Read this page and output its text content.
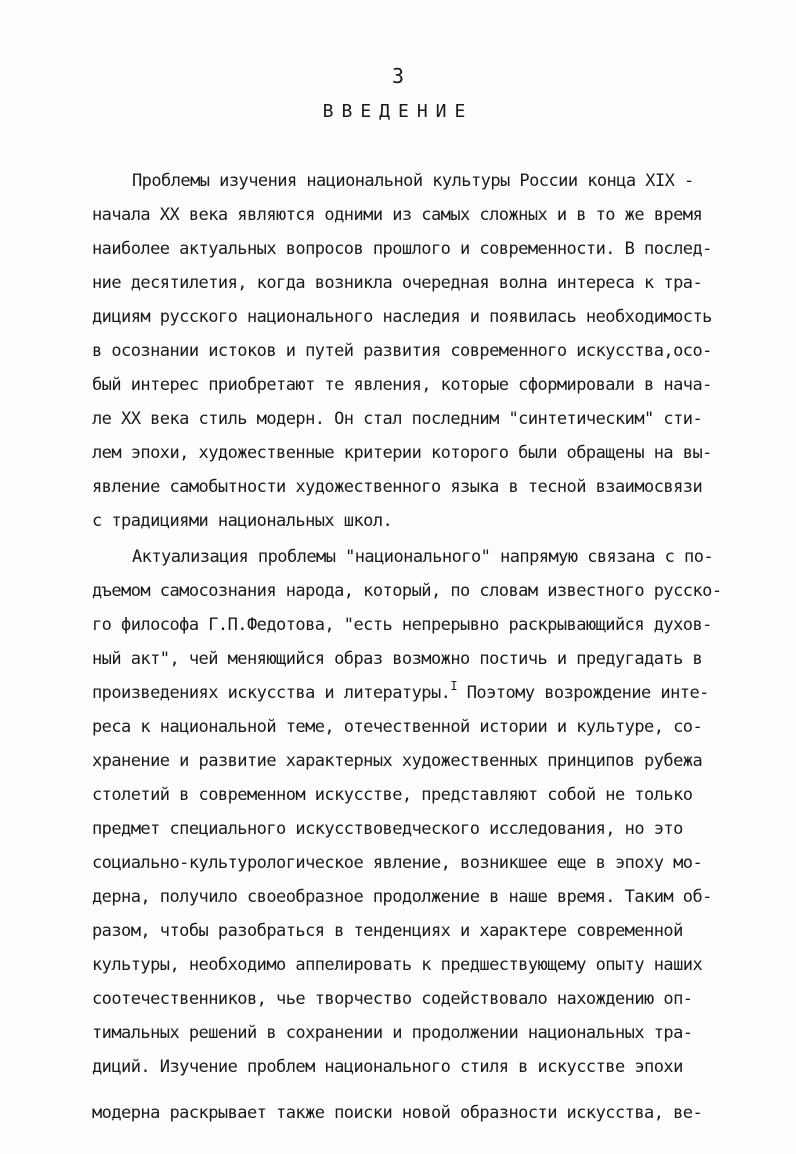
3
ВВЕДЕНИЕ
Проблемы изучения национальной культуры России конца XIX -
начала XX века являются одними из самых сложных и в то же время
наиболее актуальных вопросов прошлого и современности. В послед-
ние десятилетия, когда возникла очередная волна интереса к тра-
дициям русского национального наследия и появилась необходимость
в осознании истоков и путей развития современного искусства,осо-
бый интерес приобретают те явления, которые сформировали в нача-
ле XX века стиль модерн. Он стал последним "синтетическим" сти-
лем эпохи, художественные критерии которого были обращены на вы-
явление самобытности художественного языка в тесной взаимосвязи
с традициями национальных школ.
Актуализация проблемы "национального" напрямую связана с по-
дъемом самосознания народа, который, по словам известного русско-
го философа Г.П.Федотова, "есть непрерывно раскрывающийся духов-
ный акт", чей меняющийся образ возможно постичь и предугадать в
произведениях искусства и литературы.$^I$ Поэтому возрождение инте-
реса к национальной теме, отечественной истории и культуре, со-
хранение и развитие характерных художественных принципов рубежа
столетий в современном искусстве, представляют собой не только
предмет специального искусствоведческого исследования, но это
социально-культурологическое явление, возникшее еще в эпоху мо-
дерна, получило своеобразное продолжение в наше время. Таким об-
разом, чтобы разобраться в тенденциях и характере современной
культуры, необходимо аппелировать к предшествующему опыту наших
соотечественников, чье творчество содействовало нахождению оп-
тимальных решений в сохранении и продолжении национальных тра-
диций. Изучение проблем национального стиля в искусстве эпохи
модерна раскрывает также поиски новой образности искусства, ве-
